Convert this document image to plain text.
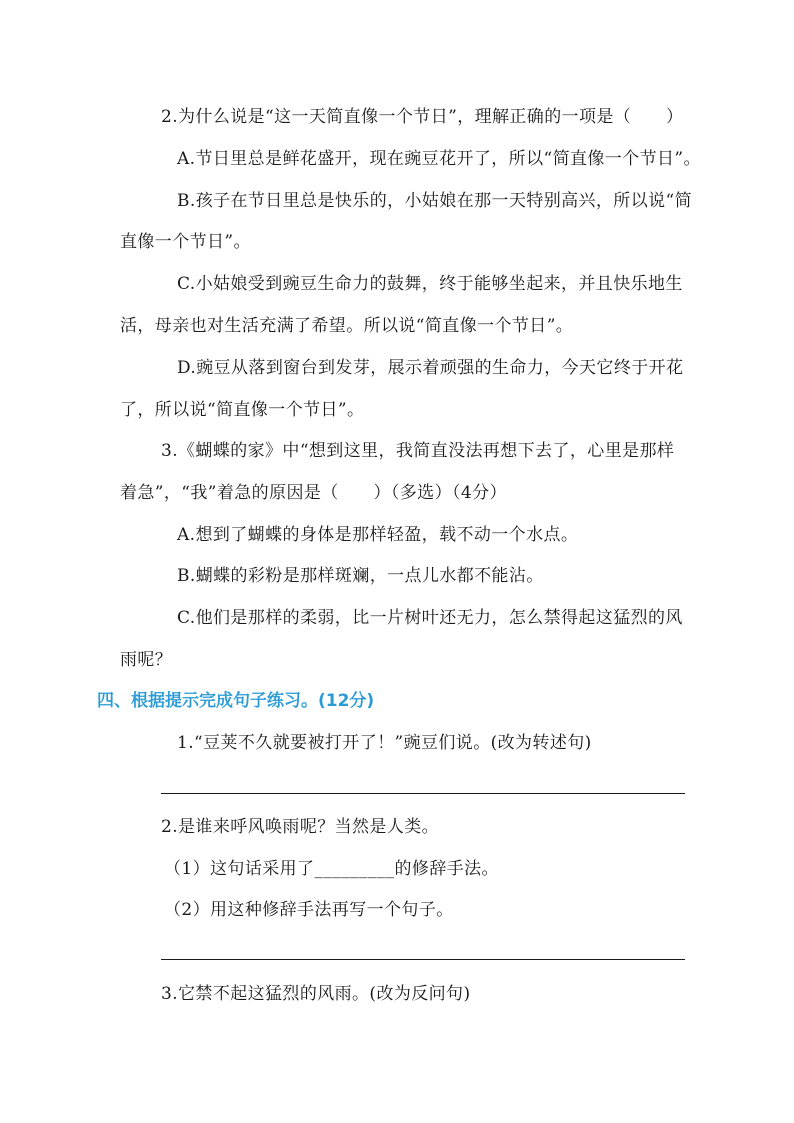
2.为什么说是“这一天简直像一个节日”，理解正确的一项是（　　）
A.节日里总是鲜花盛开，现在豌豆花开了，所以“简直像一个节日”。
B.孩子在节日里总是快乐的，小姑娘在那一天特别高兴，所以说“简
直像一个节日”。
C.小姑娘受到豌豆生命力的鼓舞，终于能够坐起来，并且快乐地生
活，母亲也对生活充满了希望。所以说“简直像一个节日”。
D.豌豆从落到窗台到发芽，展示着顽强的生命力，今天它终于开花
了，所以说“简直像一个节日”。
3.《蝴蝶的家》中“想到这里，我简直没法再想下去了，心里是那样
着急”，“我”着急的原因是（　　）（多选）（4分）
A.想到了蝴蝶的身体是那样轻盈，载不动一个水点。
B.蝴蝶的彩粉是那样斑斓，一点儿水都不能沾。
C.他们是那样的柔弱，比一片树叶还无力，怎么禁得起这猛烈的风
雨呢？
四、根据提示完成句子练习。(12分)
1.“豆荚不久就要被打开了！”豌豆们说。(改为转述句)
2.是谁来呼风唤雨呢？当然是人类。
（1）这句话采用了_________的修辞手法。
（2）用这种修辞手法再写一个句子。
3.它禁不起这猛烈的风雨。(改为反问句)
